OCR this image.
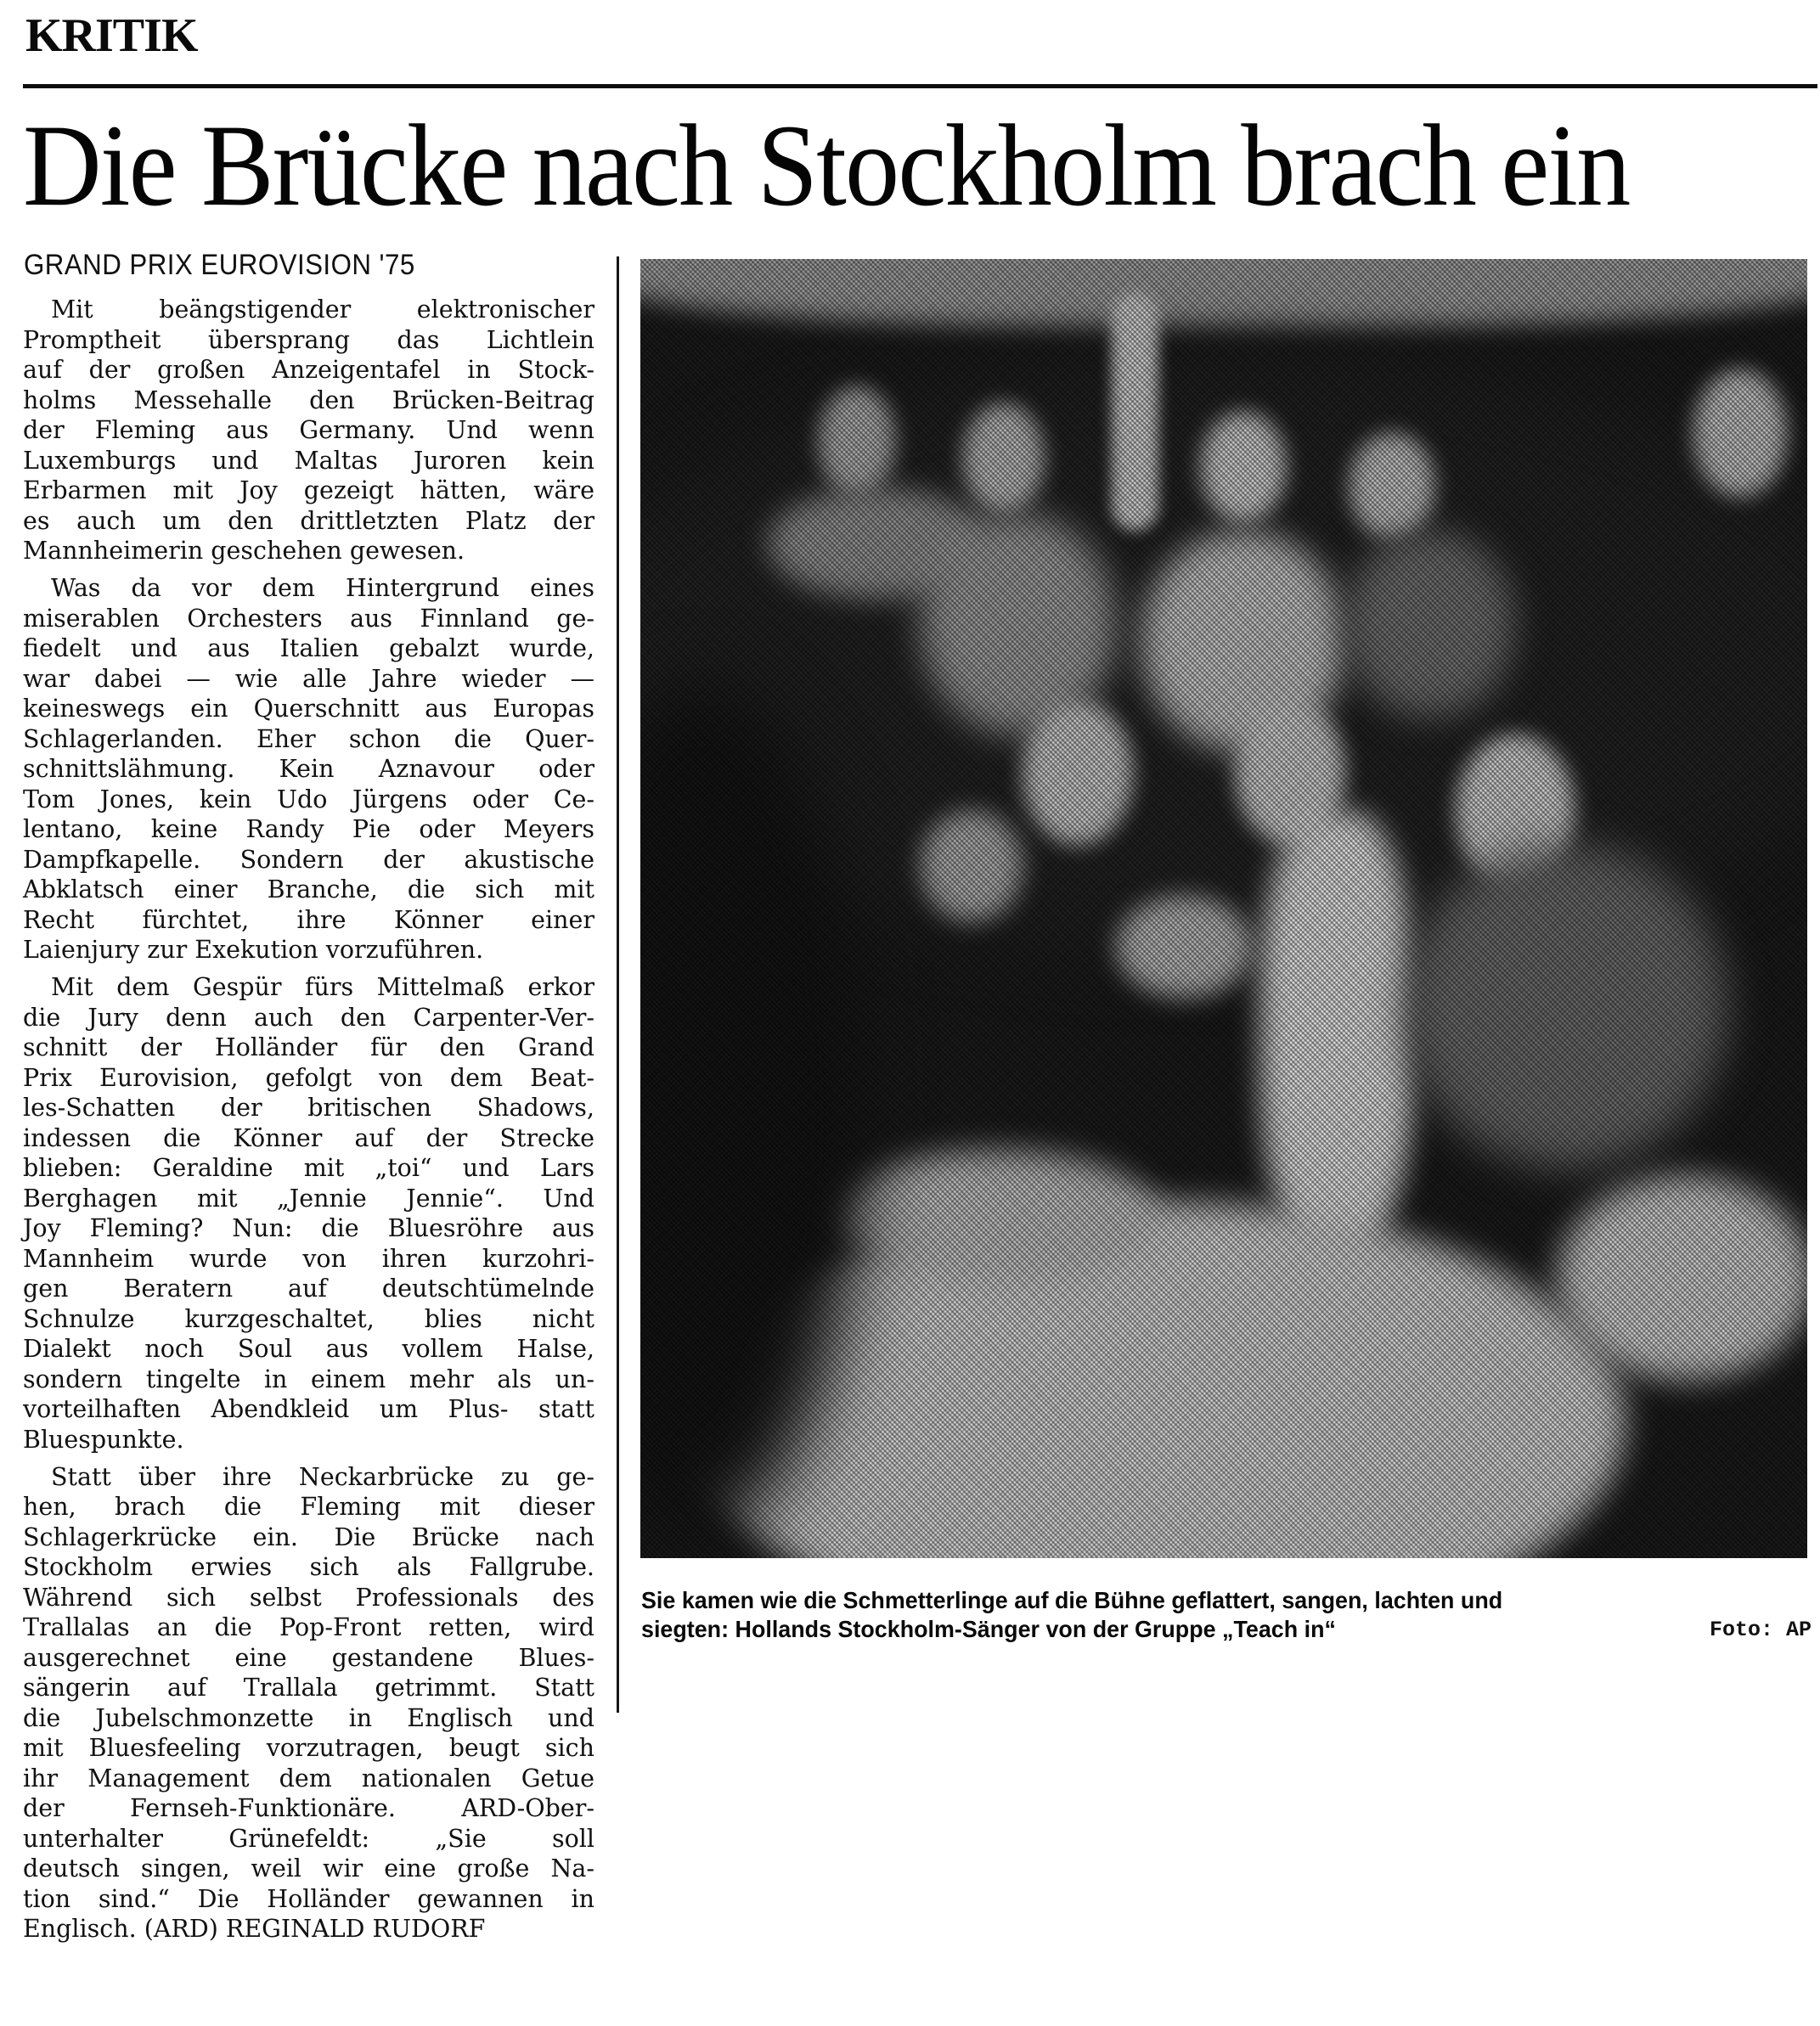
KRITIK
Die Brücke nach Stockholm brach ein
GRAND PRIX EUROVISION '75
Mit beängstigender elektronischer
Promptheit übersprang das Lichtlein
auf der großen Anzeigentafel in Stock-
holms Messehalle den Brücken-Beitrag
der Fleming aus Germany. Und wenn
Luxemburgs und Maltas Juroren kein
Erbarmen mit Joy gezeigt hätten, wäre
es auch um den drittletzten Platz der
Mannheimerin geschehen gewesen.
Was da vor dem Hintergrund eines
miserablen Orchesters aus Finnland ge-
fiedelt und aus Italien gebalzt wurde,
war dabei — wie alle Jahre wieder —
keineswegs ein Querschnitt aus Europas
Schlagerlanden. Eher schon die Quer-
schnittslähmung. Kein Aznavour oder
Tom Jones, kein Udo Jürgens oder Ce-
lentano, keine Randy Pie oder Meyers
Dampfkapelle. Sondern der akustische
Abklatsch einer Branche, die sich mit
Recht fürchtet, ihre Könner einer
Laienjury zur Exekution vorzuführen.
Mit dem Gespür fürs Mittelmaß erkor
die Jury denn auch den Carpenter-Ver-
schnitt der Holländer für den Grand
Prix Eurovision, gefolgt von dem Beat-
les-Schatten der britischen Shadows,
indessen die Könner auf der Strecke
blieben: Geraldine mit „toi“ und Lars
Berghagen mit „Jennie Jennie“. Und
Joy Fleming? Nun: die Bluesröhre aus
Mannheim wurde von ihren kurzohri-
gen Beratern auf deutschtümelnde
Schnulze kurzgeschaltet, blies nicht
Dialekt noch Soul aus vollem Halse,
sondern tingelte in einem mehr als un-
vorteilhaften Abendkleid um Plus- statt
Bluespunkte.
Statt über ihre Neckarbrücke zu ge-
hen, brach die Fleming mit dieser
Schlagerkrücke ein. Die Brücke nach
Stockholm erwies sich als Fallgrube.
Während sich selbst Professionals des
Trallalas an die Pop-Front retten, wird
ausgerechnet eine gestandene Blues-
sängerin auf Trallala getrimmt. Statt
die Jubelschmonzette in Englisch und
mit Bluesfeeling vorzutragen, beugt sich
ihr Management dem nationalen Getue
der Fernseh-Funktionäre. ARD-Ober-
unterhalter Grünefeldt: „Sie soll
deutsch singen, weil wir eine große Na-
tion sind.“ Die Holländer gewannen in
Englisch. (ARD) REGINALD RUDORF
Sie kamen wie die Schmetterlinge auf die Bühne geflattert, sangen, lachten und
siegten: Hollands Stockholm-Sänger von der Gruppe „Teach in“	Foto: AP
